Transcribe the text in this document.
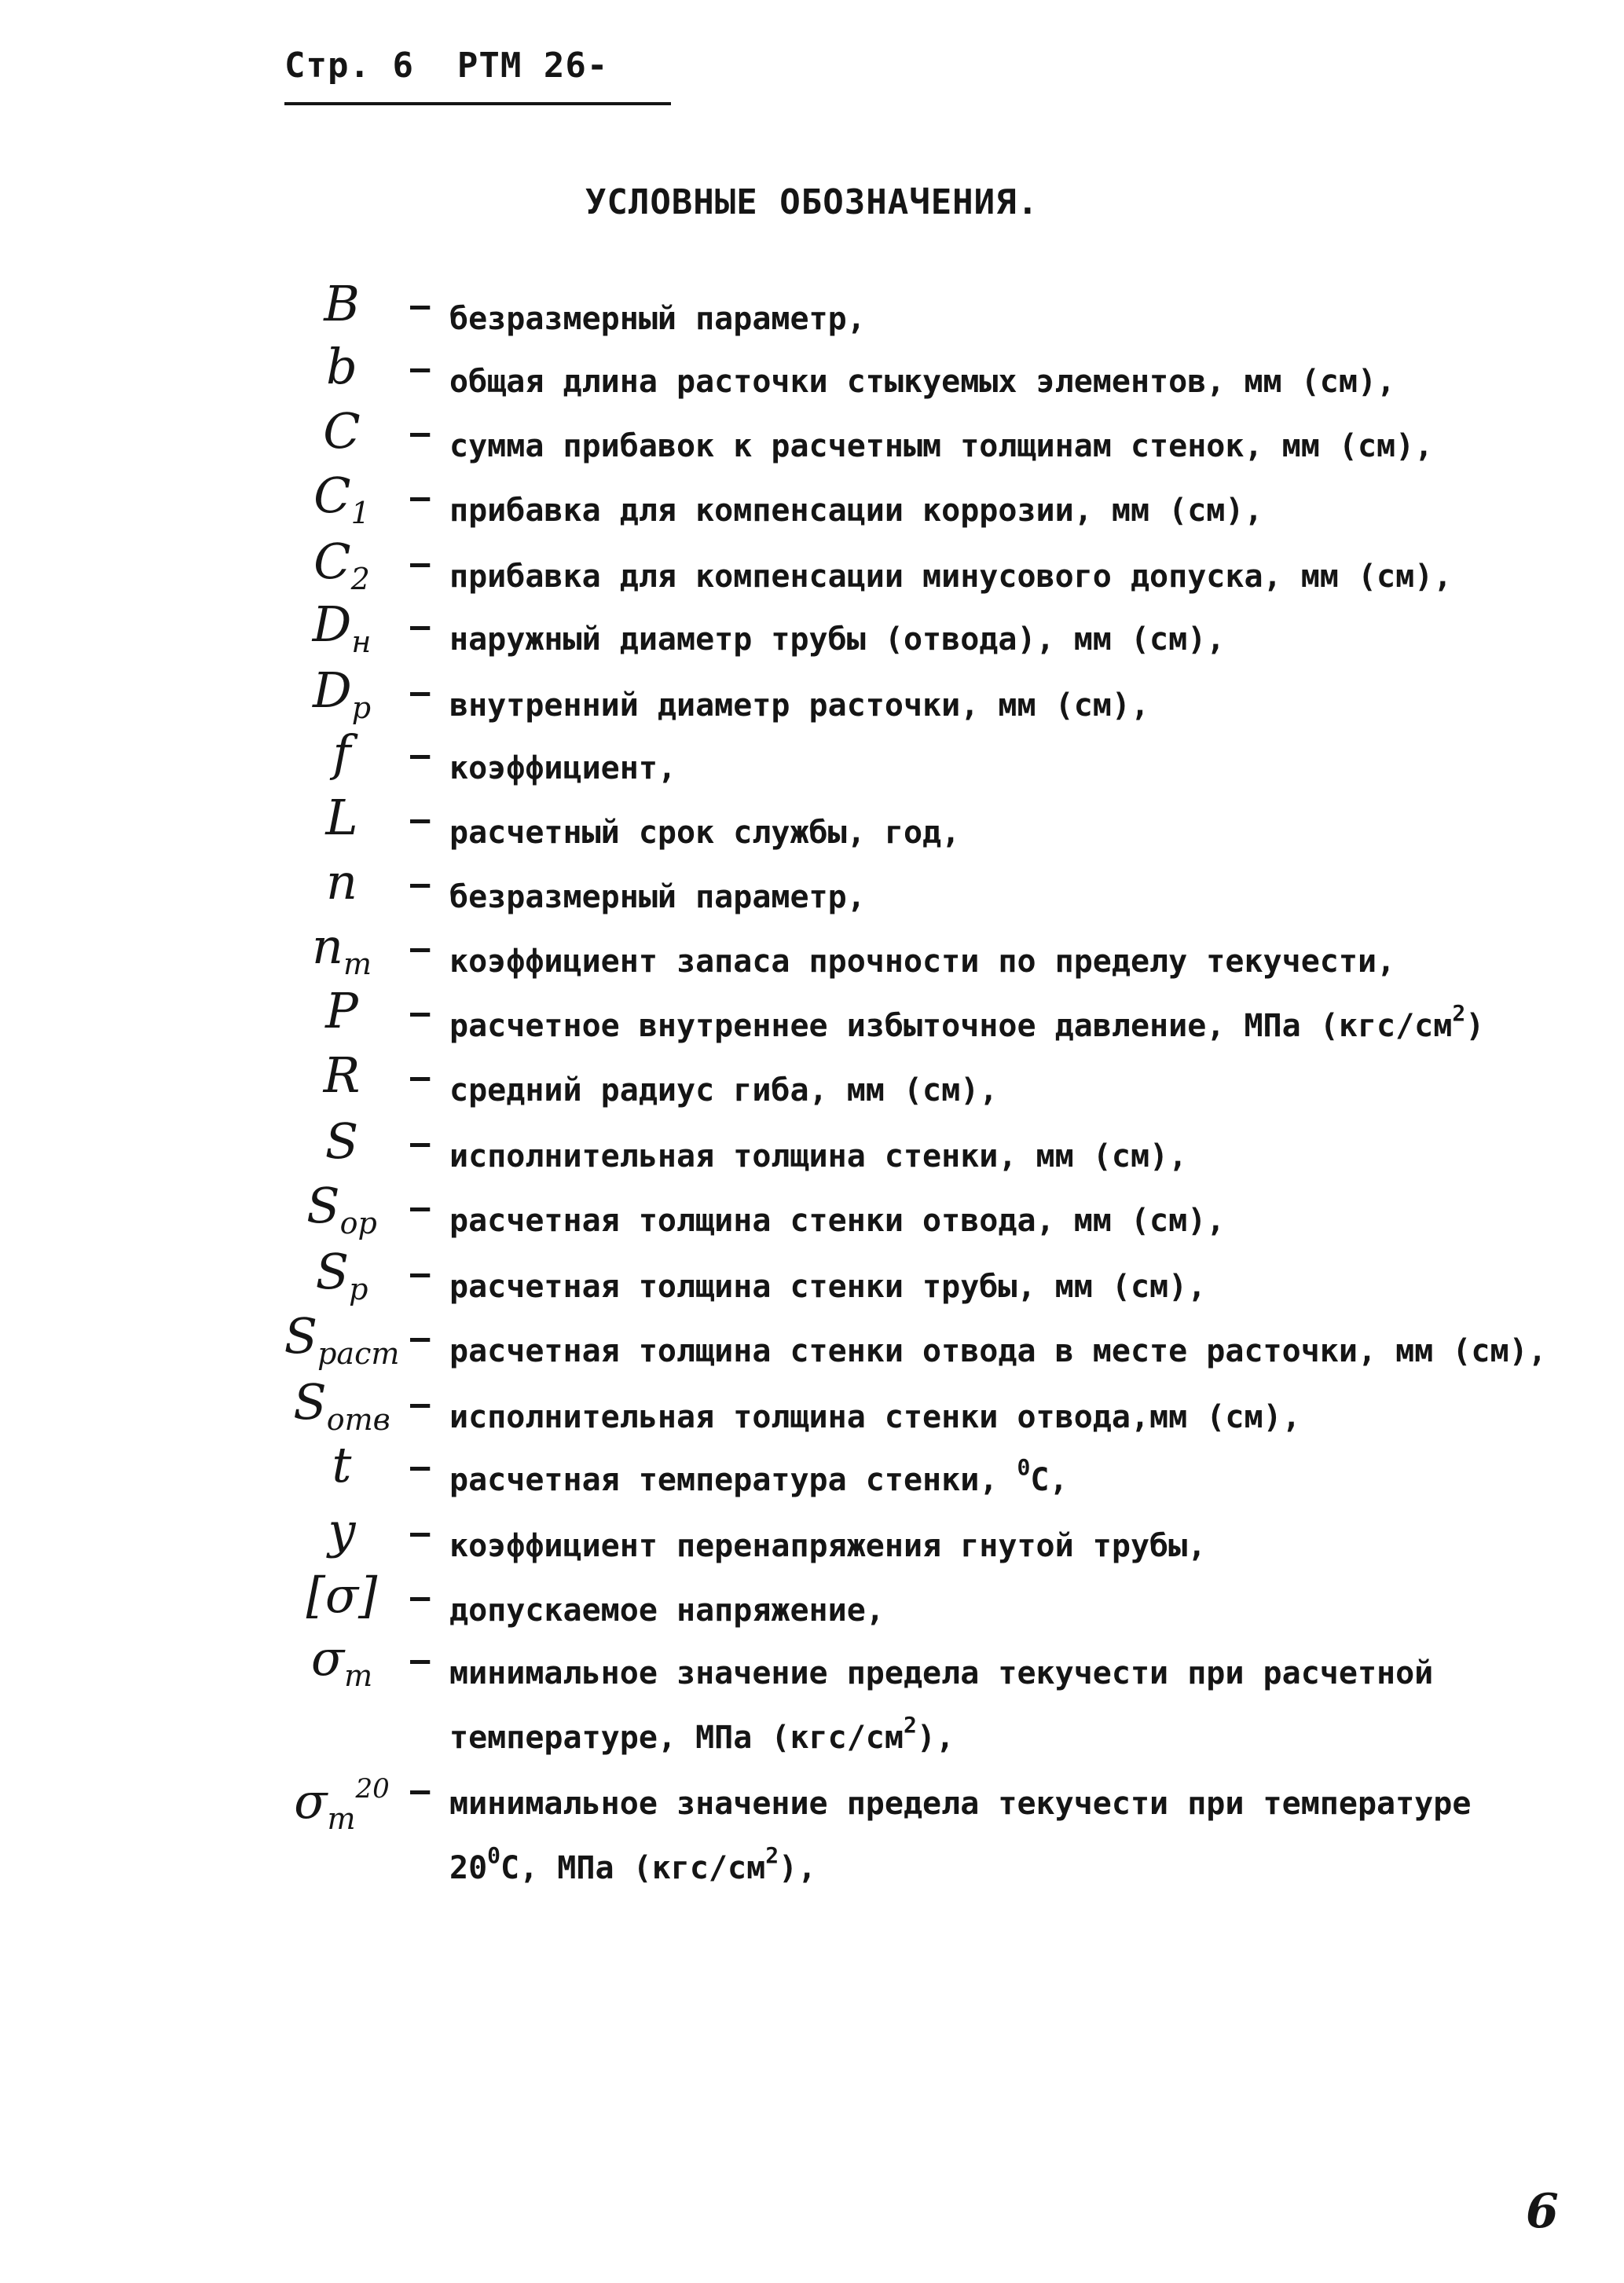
Стр. 6  РТМ 26-
УСЛОВНЫЕ ОБОЗНАЧЕНИЯ.
B	– безразмерный параметр,
b	– общая длина расточки стыкуемых элементов, мм (см),
C	– сумма прибавок к расчетным толщинам стенок, мм (см),
$C_1$	– прибавка для компенсации коррозии, мм (см),
$C_2$	– прибавка для компенсации минусового допуска, мм (см),
$D_н$	– наружный диаметр трубы (отвода), мм (см),
$D_р$	– внутренний диаметр расточки, мм (см),
f	– коэффициент,
L	– расчетный срок службы, год,
n	– безразмерный параметр,
$n_т$	– коэффициент запаса прочности по пределу текучести,
P	– расчетное внутреннее избыточное давление, МПа $(кгс/см^2)$
R	– средний радиус гиба, мм (см),
S	– исполнительная толщина стенки, мм (см),
$S_{ор}$	– расчетная толщина стенки отвода, мм (см),
$S_р$	– расчетная толщина стенки трубы, мм (см),
$S_{раст}$ – расчетная толщина стенки отвода в месте расточки, мм (см),
$S_{отв}$ – исполнительная толщина стенки отвода,мм (см),
t	– расчетная температура стенки, $^0$С,
y	– коэффициент перенапряжения гнутой трубы,
[σ] – допускаемое напряжение,
$\sigma_т$	– минимальное значение предела текучести при расчетной
температуре, МПа $(кгс/см^2)$,
$\sigma_т^{20}$ – минимальное значение предела текучести при температуре
$20^0С$, МПа $(кгс/см^2)$,
6
